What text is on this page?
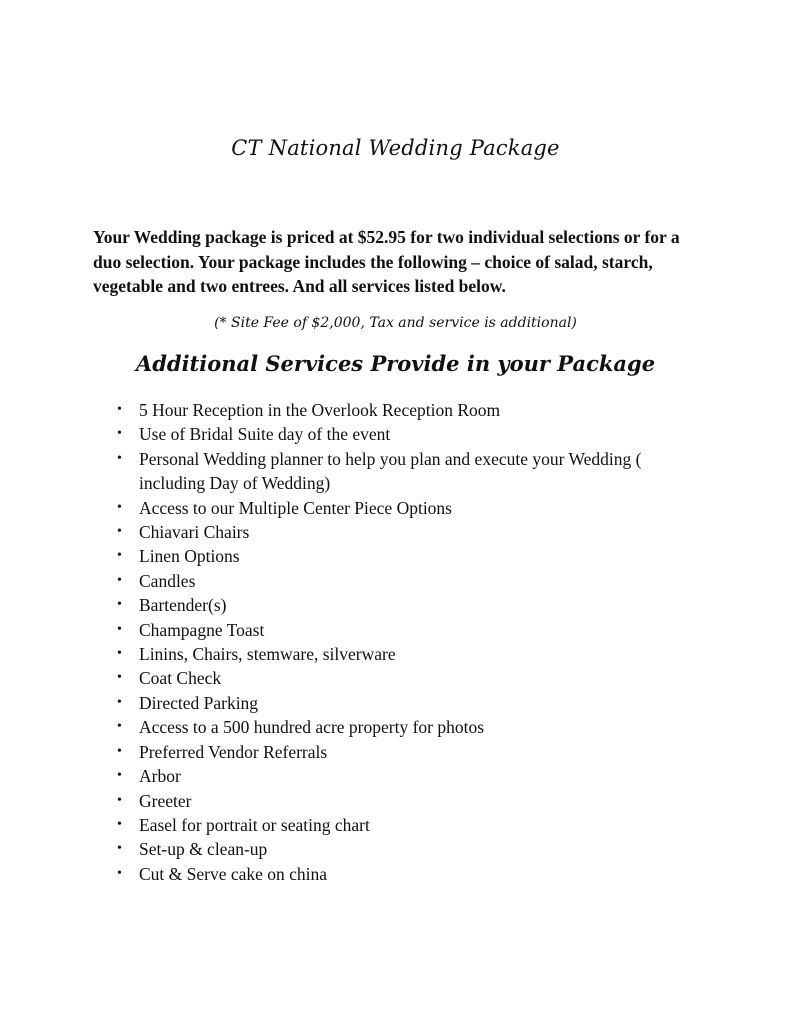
CT National Wedding Package

Your Wedding package is priced at $52.95 for two individual selections or for a duo selection. Your package includes the following – choice of salad, starch, vegetable and two entrees. And all services listed below.

(* Site Fee of $2,000, Tax and service is additional)

Additional Services Provide in your Package
• 5 Hour Reception in the Overlook Reception Room
• Use of Bridal Suite day of the event
• Personal Wedding planner to help you plan and execute your Wedding ( including Day of Wedding)
• Access to our Multiple Center Piece Options
• Chiavari Chairs
• Linen Options
• Candles
• Bartender(s)
• Champagne Toast
• Linins, Chairs, stemware, silverware
• Coat Check
• Directed Parking
• Access to a 500 hundred acre property for photos
• Preferred Vendor Referrals
• Arbor
• Greeter
• Easel for portrait or seating chart
• Set-up & clean-up
• Cut & Serve cake on china
